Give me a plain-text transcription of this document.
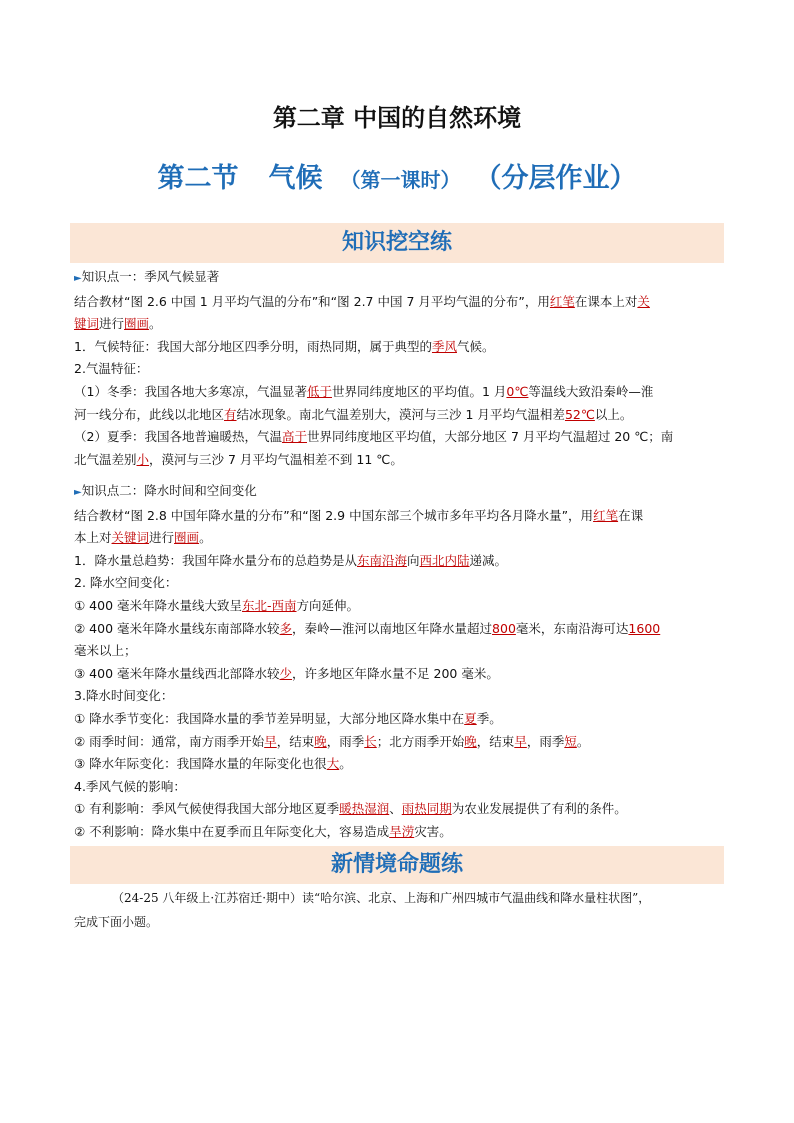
第二章 中国的自然环境
第二节 气候 （第一课时） （分层作业）
知识挖空练

►知识点一：季风气候显著

结合教材“图 2.6 中国 1 月平均气温的分布”和“图 2.7 中国 7 月平均气温的分布”，用红笔在课本上对关

键词进行圈画。

1．气候特征：我国大部分地区四季分明，雨热同期，属于典型的季风气候。

2.气温特征：

（1）冬季：我国各地大多寒凉，气温显著低于世界同纬度地区的平均值。1 月0℃等温线大致沿秦岭—淮

河一线分布，此线以北地区有结冰现象。南北气温差别大，漠河与三沙 1 月平均气温相差52℃以上。

（2）夏季：我国各地普遍暖热，气温高于世界同纬度地区平均值，大部分地区 7 月平均气温超过 20 ℃；南

北气温差别小，漠河与三沙 7 月平均气温相差不到 11 ℃。

►知识点二：降水时间和空间变化

结合教材“图 2.8 中国年降水量的分布”和“图 2.9 中国东部三个城市多年平均各月降水量”，用红笔在课

本上对关键词进行圈画。

1．降水量总趋势：我国年降水量分布的总趋势是从东南沿海向西北内陆递减。

2. 降水空间变化：

① 400 毫米年降水量线大致呈东北-西南方向延伸。

② 400 毫米年降水量线东南部降水较多，秦岭—淮河以南地区年降水量超过800毫米，东南沿海可达1600

毫米以上；

③ 400 毫米年降水量线西北部降水较少，许多地区年降水量不足 200 毫米。

3.降水时间变化：

① 降水季节变化：我国降水量的季节差异明显，大部分地区降水集中在夏季。

② 雨季时间：通常，南方雨季开始早，结束晚，雨季长；北方雨季开始晚，结束早，雨季短。

③ 降水年际变化：我国降水量的年际变化也很大。

4.季风气候的影响：

① 有利影响：季风气候使得我国大部分地区夏季暖热湿润、雨热同期为农业发展提供了有利的条件。

② 不利影响：降水集中在夏季而且年际变化大，容易造成旱涝灾害。

新情境命题练

（24-25 八年级上·江苏宿迁·期中）读“哈尔滨、北京、上海和广州四城市气温曲线和降水量柱状图”，

完成下面小题。
